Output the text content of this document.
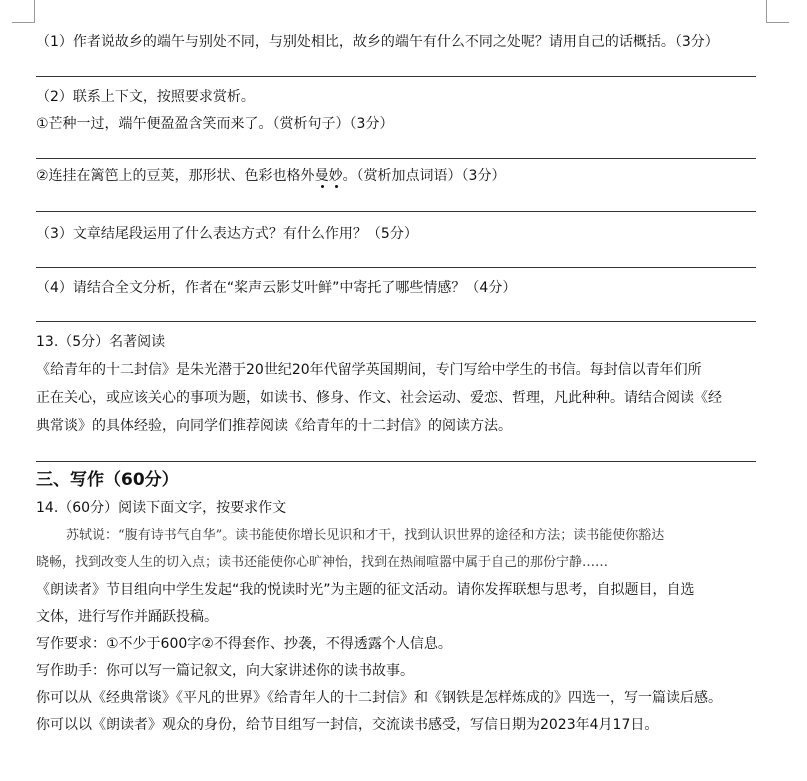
（1）作者说故乡的端午与别处不同，与别处相比，故乡的端午有什么不同之处呢？请用自己的话概括。（3分）
（2）联系上下文，按照要求赏析。
①芒种一过，端午便盈盈含笑而来了。（赏析句子）（3分）
②连挂在篱笆上的豆荚，那形状、色彩也格外曼妙。（赏析加点词语）（3分）
（3）文章结尾段运用了什么表达方式？有什么作用？（5分）
（4）请结合全文分析，作者在“桨声云影艾叶鲜”中寄托了哪些情感？（4分）
13.（5分）名著阅读
《给青年的十二封信》是朱光潜于20世纪20年代留学英国期间，专门写给中学生的书信。每封信以青年们所
正在关心，或应该关心的事项为题，如读书、修身、作文、社会运动、爱恋、哲理，凡此种种。请结合阅读《经
典常谈》的具体经验，向同学们推荐阅读《给青年的十二封信》的阅读方法。
三、写作（60分）
14.（60分）阅读下面文字，按要求作文
苏轼说：“腹有诗书气自华”。读书能使你增长见识和才干，找到认识世界的途径和方法；读书能使你豁达
晓畅，找到改变人生的切入点；读书还能使你心旷神怡，找到在热闹喧嚣中属于自己的那份宁静……
《朗读者》节目组向中学生发起“我的悦读时光”为主题的征文活动。请你发挥联想与思考，自拟题目，自选
文体，进行写作并踊跃投稿。
写作要求：①不少于600字②不得套作、抄袭，不得透露个人信息。
写作助手：你可以写一篇记叙文，向大家讲述你的读书故事。
你可以从《经典常谈》《平凡的世界》《给青年人的十二封信》和《钢铁是怎样炼成的》四选一，写一篇读后感。
你可以以《朗读者》观众的身份，给节目组写一封信，交流读书感受，写信日期为2023年4月17日。
